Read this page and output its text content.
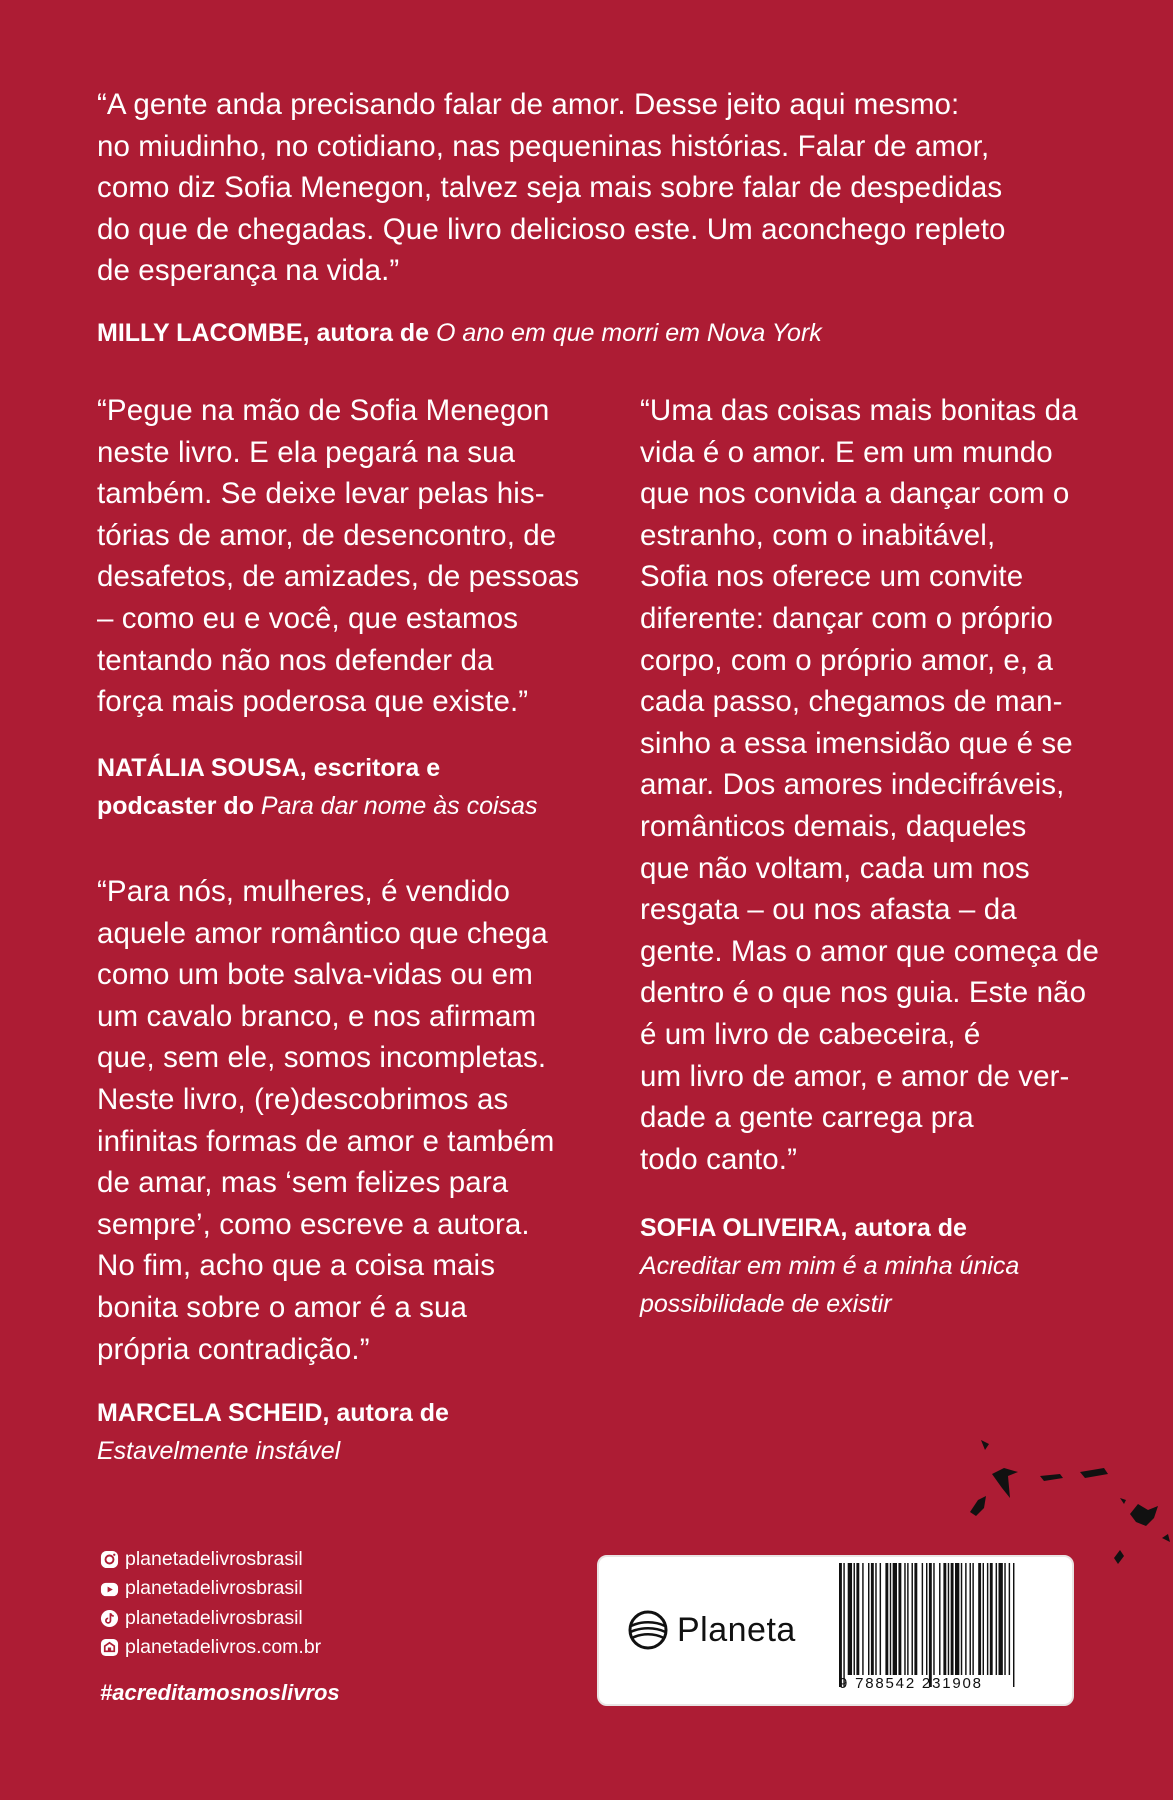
“A gente anda precisando falar de amor. Desse jeito aqui mesmo:
no miudinho, no cotidiano, nas pequeninas histórias. Falar de amor,
como diz Sofia Menegon, talvez seja mais sobre falar de despedidas
do que de chegadas. Que livro delicioso este. Um aconchego repleto
de esperança na vida.”
MILLY LACOMBE, autora de O ano em que morri em Nova York
“Pegue na mão de Sofia Menegon
neste livro. E ela pegará na sua
também. Se deixe levar pelas his-
tórias de amor, de desencontro, de
desafetos, de amizades, de pessoas
– como eu e você, que estamos
tentando não nos defender da
força mais poderosa que existe.”
NATÁLIA SOUSA, escritora e
podcaster do Para dar nome às coisas
“Para nós, mulheres, é vendido
aquele amor romântico que chega
como um bote salva-vidas ou em
um cavalo branco, e nos afirmam
que, sem ele, somos incompletas.
Neste livro, (re)descobrimos as
infinitas formas de amor e também
de amar, mas ‘sem felizes para
sempre’, como escreve a autora.
No fim, acho que a coisa mais
bonita sobre o amor é a sua
própria contradição.”
MARCELA SCHEID, autora de
Estavelmente instável
“Uma das coisas mais bonitas da
vida é o amor. E em um mundo
que nos convida a dançar com o
estranho, com o inabitável,
Sofia nos oferece um convite
diferente: dançar com o próprio
corpo, com o próprio amor, e, a
cada passo, chegamos de man-
sinho a essa imensidão que é se
amar. Dos amores indecifráveis,
românticos demais, daqueles
que não voltam, cada um nos
resgata – ou nos afasta – da
gente. Mas o amor que começa de
dentro é o que nos guia. Este não
é um livro de cabeceira, é
um livro de amor, e amor de ver-
dade a gente carrega pra
todo canto.”
SOFIA OLIVEIRA, autora de
Acreditar em mim é a minha única
possibilidade de existir
planetadelivrosbrasil
planetadelivrosbrasil
planetadelivrosbrasil
planetadelivros.com.br
#acreditamosnoslivros
Planeta
9 788542 231908
